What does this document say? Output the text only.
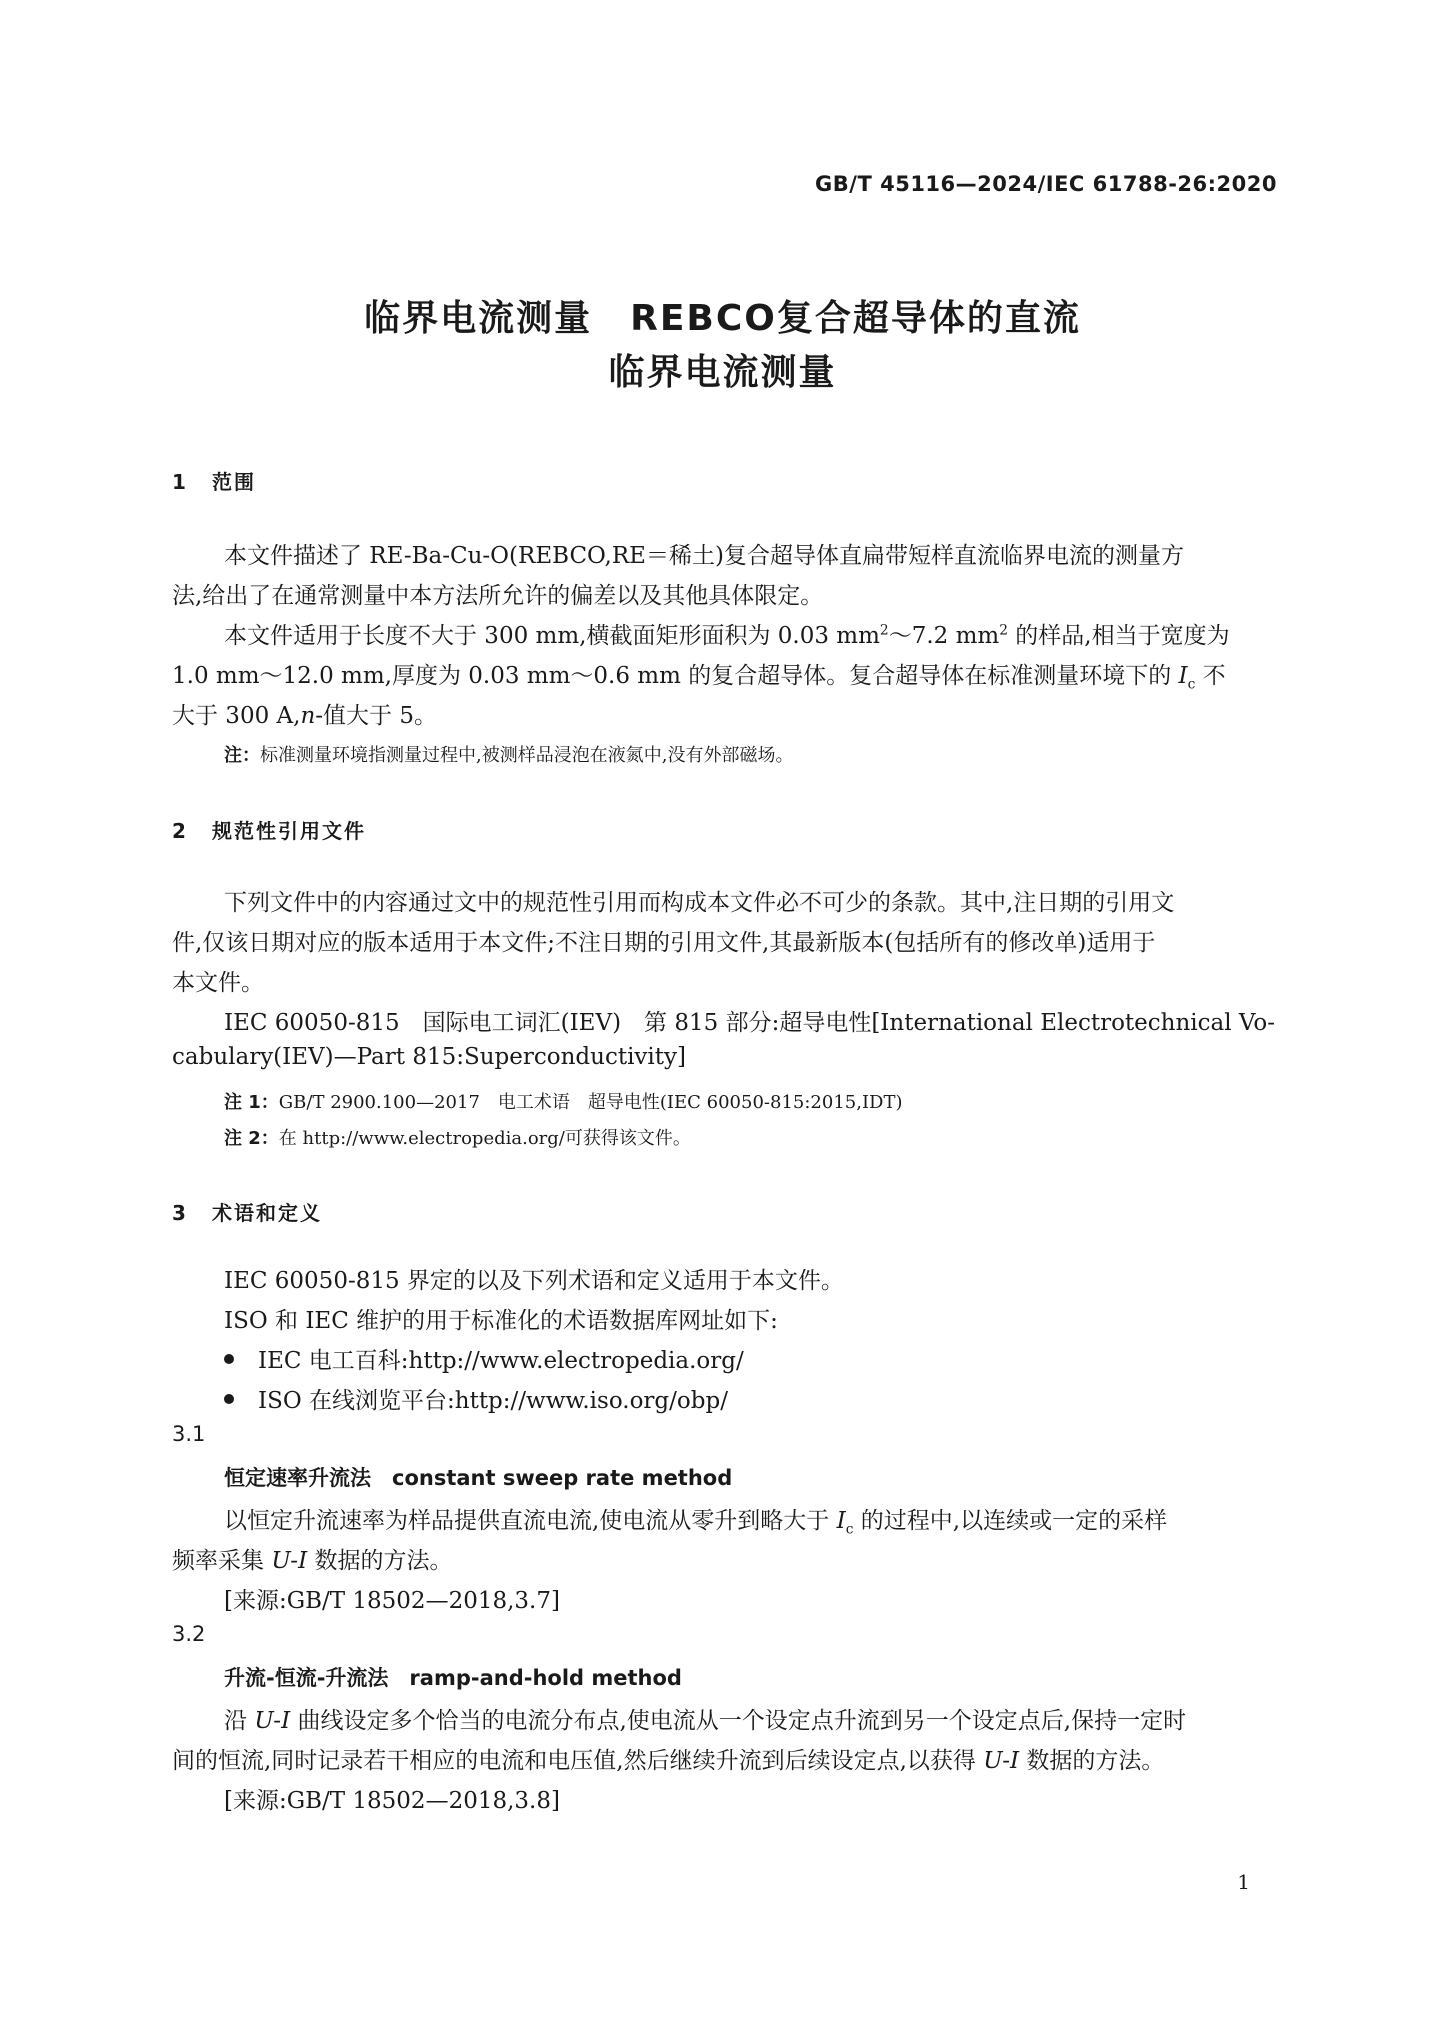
GB/T 45116—2024/IEC 61788-26:2020
临界电流测量　REBCO复合超导体的直流
临界电流测量
1 范围
本文件描述了 RE-Ba-Cu-O(REBCO,RE＝稀土)复合超导体直扁带短样直流临界电流的测量方
法,给出了在通常测量中本方法所允许的偏差以及其他具体限定。
本文件适用于长度不大于 300 mm,横截面矩形面积为 0.03 $mm^2\sim 7.2$ $mm^2$ 的样品,相当于宽度为
1.0 mm～12.0 mm,厚度为 0.03 mm～0.6 mm 的复合超导体。复合超导体在标准测量环境下的 $I_c$ 不
大于 300 A,n-值大于 5。
注：标准测量环境指测量过程中,被测样品浸泡在液氮中,没有外部磁场。
2 规范性引用文件
下列文件中的内容通过文中的规范性引用而构成本文件必不可少的条款。其中,注日期的引用文
件,仅该日期对应的版本适用于本文件;不注日期的引用文件,其最新版本(包括所有的修改单)适用于
本文件。
IEC 60050-815　国际电工词汇(IEV)　第 815 部分:超导电性[International Electrotechnical Vo-
cabulary(IEV)—Part 815:Superconductivity]
注 1：GB/T 2900.100—2017　电工术语　超导电性(IEC 60050-815:2015,IDT)
注 2：在 http://www.electropedia.org/可获得该文件。
3 术语和定义
IEC 60050-815 界定的以及下列术语和定义适用于本文件。
ISO 和 IEC 维护的用于标准化的术语数据库网址如下:
IEC 电工百科:http://www.electropedia.org/
ISO 在线浏览平台:http://www.iso.org/obp/
3.1
恒定速率升流法　constant sweep rate method
以恒定升流速率为样品提供直流电流,使电流从零升到略大于 $I_c$ 的过程中,以连续或一定的采样
频率采集 U-I 数据的方法。
[来源:GB/T 18502—2018,3.7]
3.2
升流-恒流-升流法　ramp-and-hold method
沿 U-I 曲线设定多个恰当的电流分布点,使电流从一个设定点升流到另一个设定点后,保持一定时
间的恒流,同时记录若干相应的电流和电压值,然后继续升流到后续设定点,以获得 U-I 数据的方法。
[来源:GB/T 18502—2018,3.8]
1
